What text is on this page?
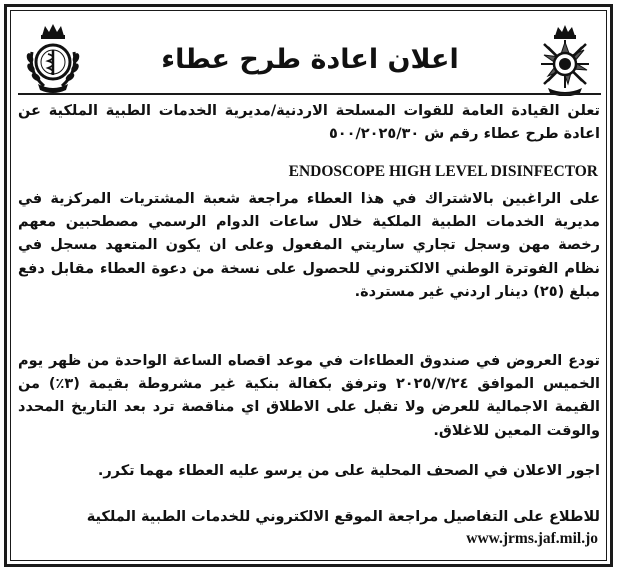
اعلان اعادة طرح عطاء
تعلن القيادة العامة للقوات المسلحة الاردنية/مديرية الخدمات الطبية الملكية عن اعادة طرح عطاء رقم ش ٥٠٠/٢٠٢٥/٣٠
ENDOSCOPE HIGH LEVEL DISINFECTOR
على الراغبين بالاشتراك في هذا العطاء مراجعة شعبة المشتريات المركزية في مديرية الخدمات الطبية الملكية خلال ساعات الدوام الرسمي مصطحبين معهم رخصة مهن وسجل تجاري ساريتي المفعول وعلى ان يكون المتعهد مسجل في نظام الفوترة الوطني الالكتروني للحصول على نسخة من دعوة العطاء مقابل دفع مبلغ (٢٥) دينار اردني غير مستردة.
تودع العروض في صندوق العطاءات في موعد اقصاه الساعة الواحدة من ظهر يوم الخميس الموافق ٢٠٢٥/٧/٢٤ وترفق بكفالة بنكية غير مشروطة بقيمة (٣٪) من القيمة الاجمالية للعرض ولا تقبل على الاطلاق اي مناقصة ترد بعد التاريخ المحدد والوقت المعين للاغلاق.
اجور الاعلان في الصحف المحلية على من يرسو عليه العطاء مهما تكرر.
للاطلاع على التفاصيل مراجعة الموقع الالكتروني للخدمات الطبية الملكية
www.jrms.jaf.mil.jo
